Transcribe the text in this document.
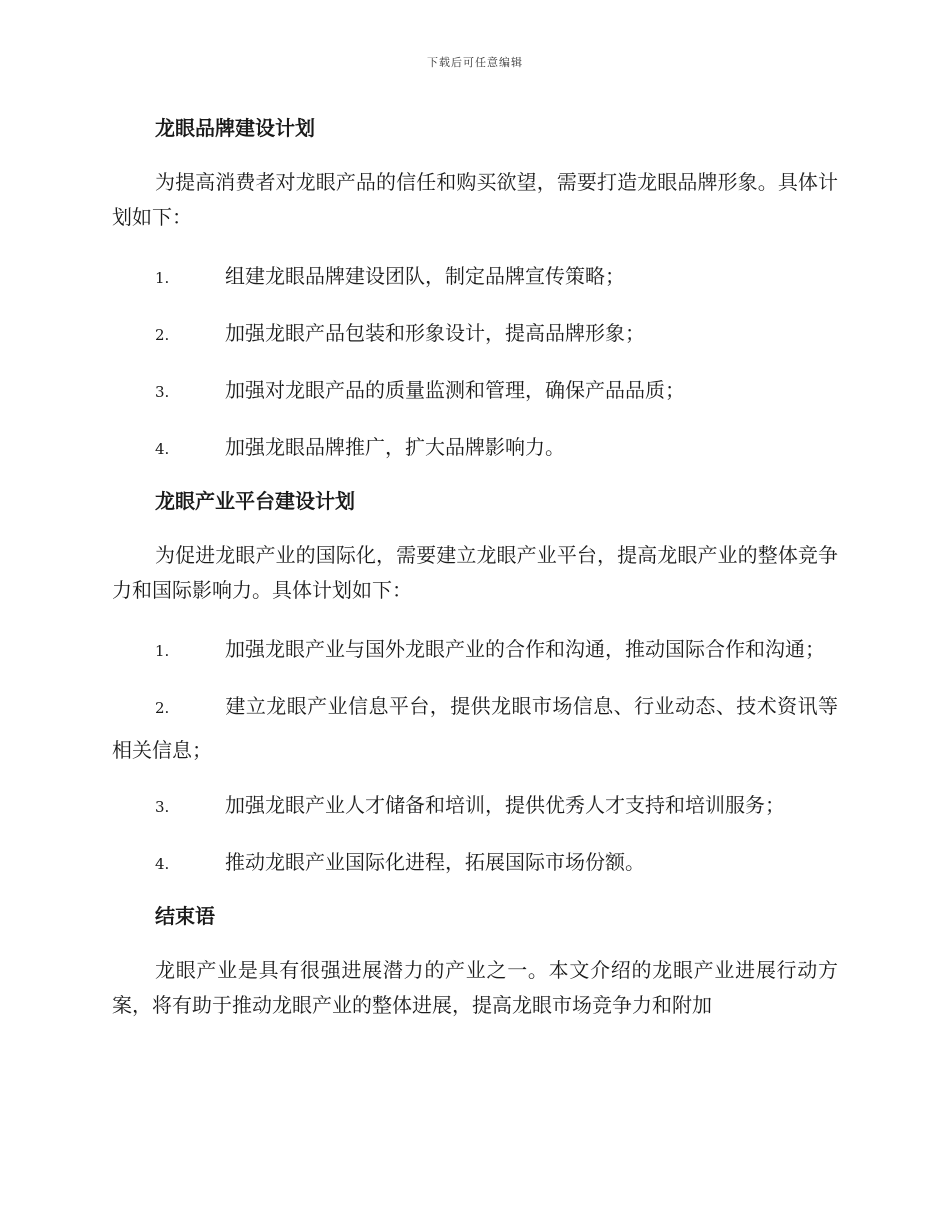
下载后可任意编辑
龙眼品牌建设计划

为提高消费者对龙眼产品的信任和购买欲望，需要打造龙眼品牌形象。具体计划如下：

1.	组建龙眼品牌建设团队，制定品牌宣传策略；
2.	加强龙眼产品包装和形象设计，提高品牌形象；
3.	加强对龙眼产品的质量监测和管理，确保产品品质；
4.	加强龙眼品牌推广，扩大品牌影响力。
龙眼产业平台建设计划

为促进龙眼产业的国际化，需要建立龙眼产业平台，提高龙眼产业的整体竞争力和国际影响力。具体计划如下：

1.	加强龙眼产业与国外龙眼产业的合作和沟通，推动国际合作和沟通；
2.	建立龙眼产业信息平台，提供龙眼市场信息、行业动态、技术资讯等相关信息；
3.	加强龙眼产业人才储备和培训，提供优秀人才支持和培训服务；
4.	推动龙眼产业国际化进程，拓展国际市场份额。
结束语

龙眼产业是具有很强进展潜力的产业之一。本文介绍的龙眼产业进展行动方案，将有助于推动龙眼产业的整体进展，提高龙眼市场竞争力和附加
